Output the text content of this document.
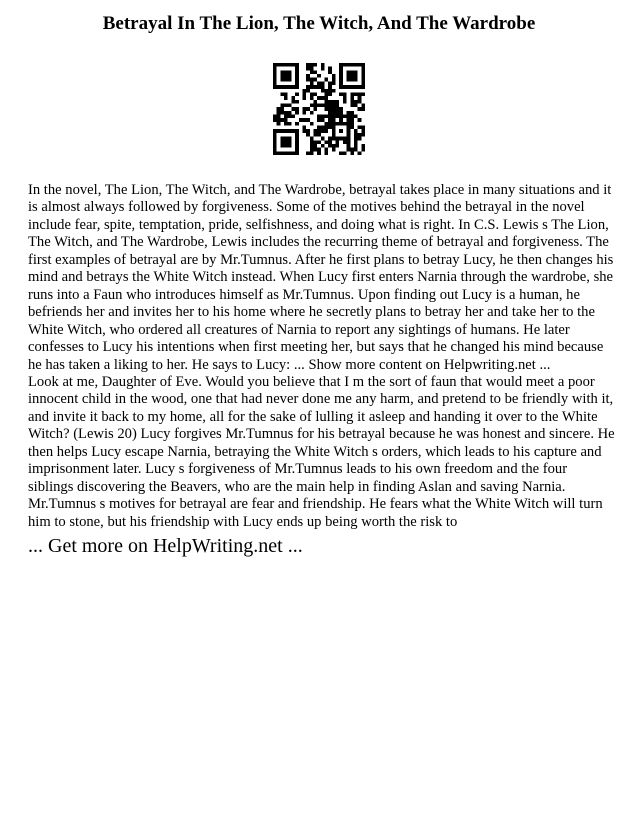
Betrayal In The Lion, The Witch, And The Wardrobe

In the novel, The Lion, The Witch, and The Wardrobe, betrayal takes place in many situations and it is almost always followed by forgiveness. Some of the motives behind the betrayal in the novel include fear, spite, temptation, pride, selfishness, and doing what is right. In C.S. Lewis s The Lion, The Witch, and The Wardrobe, Lewis includes the recurring theme of betrayal and forgiveness. The first examples of betrayal are by Mr.Tumnus. After he first plans to betray Lucy, he then changes his mind and betrays the White Witch instead. When Lucy first enters Narnia through the wardrobe, she runs into a Faun who introduces himself as Mr.Tumnus. Upon finding out Lucy is a human, he befriends her and invites her to his home where he secretly plans to betray her and take her to the White Witch, who ordered all creatures of Narnia to report any sightings of humans. He later confesses to Lucy his intentions when first meeting her, but says that he changed his mind because he has taken a liking to her. He says to Lucy: ... Show more content on Helpwriting.net ...

Look at me, Daughter of Eve. Would you believe that I m the sort of faun that would meet a poor innocent child in the wood, one that had never done me any harm, and pretend to be friendly with it, and invite it back to my home, all for the sake of lulling it asleep and handing it over to the White Witch? (Lewis 20) Lucy forgives Mr.Tumnus for his betrayal because he was honest and sincere. He then helps Lucy escape Narnia, betraying the White Witch s orders, which leads to his capture and imprisonment later. Lucy s forgiveness of Mr.Tumnus leads to his own freedom and the four siblings discovering the Beavers, who are the main help in finding Aslan and saving Narnia. Mr.Tumnus s motives for betrayal are fear and friendship. He fears what the White Witch will turn him to stone, but his friendship with Lucy ends up being worth the risk to

... Get more on HelpWriting.net ...
